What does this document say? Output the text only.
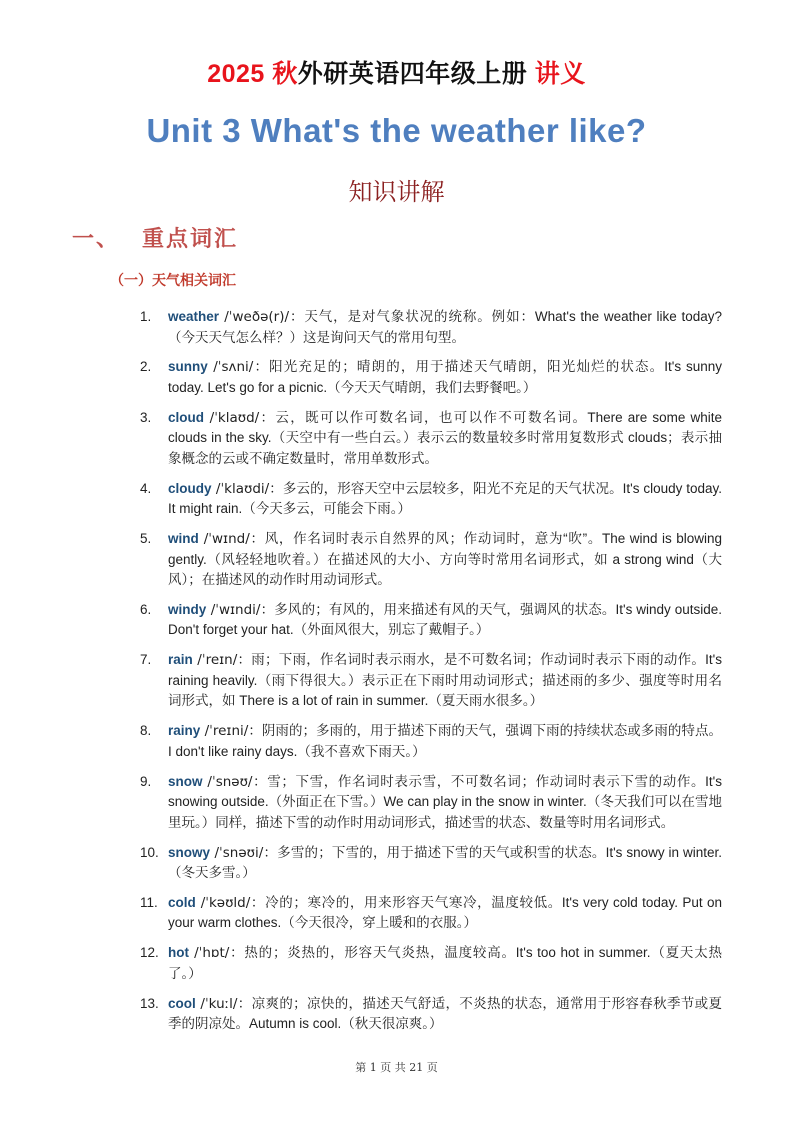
2025 秋外研英语四年级上册 讲义
Unit 3 What's the weather like?
知识讲解
一、 重点词汇
（一）天气相关词汇
1. weather /ˈweðə(r)/：天气，是对气象状况的统称。例如：What's the weather like today?（今天天气怎么样？）这是询问天气的常用句型。
2. sunny /ˈsʌni/：阳光充足的；晴朗的，用于描述天气晴朗，阳光灿烂的状态。It's sunny today. Let's go for a picnic.（今天天气晴朗，我们去野餐吧。）
3. cloud /ˈklaʊd/：云，既可以作可数名词，也可以作不可数名词。There are some white clouds in the sky.（天空中有一些白云。）表示云的数量较多时常用复数形式 clouds；表示抽象概念的云或不确定数量时，常用单数形式。
4. cloudy /ˈklaʊdi/：多云的，形容天空中云层较多，阳光不充足的天气状况。It's cloudy today. It might rain.（今天多云，可能会下雨。）
5. wind /ˈwɪnd/：风，作名词时表示自然界的风；作动词时，意为“吹”。The wind is blowing gently.（风轻轻地吹着。）在描述风的大小、方向等时常用名词形式，如 a strong wind（大风）；在描述风的动作时用动词形式。
6. windy /ˈwɪndi/：多风的；有风的，用来描述有风的天气，强调风的状态。It's windy outside. Don't forget your hat.（外面风很大，别忘了戴帽子。）
7. rain /ˈreɪn/：雨；下雨，作名词时表示雨水，是不可数名词；作动词时表示下雨的动作。It's raining heavily.（雨下得很大。）表示正在下雨时用动词形式；描述雨的多少、强度等时用名词形式，如 There is a lot of rain in summer.（夏天雨水很多。）
8. rainy /ˈreɪni/：阴雨的；多雨的，用于描述下雨的天气，强调下雨的持续状态或多雨的特点。I don't like rainy days.（我不喜欢下雨天。）
9. snow /ˈsnəʊ/：雪；下雪，作名词时表示雪，不可数名词；作动词时表示下雪的动作。It's snowing outside.（外面正在下雪。）We can play in the snow in winter.（冬天我们可以在雪地里玩。）同样，描述下雪的动作时用动词形式，描述雪的状态、数量等时用名词形式。
10. snowy /ˈsnəʊi/：多雪的；下雪的，用于描述下雪的天气或积雪的状态。It's snowy in winter.（冬天多雪。）
11. cold /ˈkəʊld/：冷的；寒冷的，用来形容天气寒冷，温度较低。It's very cold today. Put on your warm clothes.（今天很冷，穿上暖和的衣服。）
12. hot /ˈhɒt/：热的；炎热的，形容天气炎热，温度较高。It's too hot in summer.（夏天太热了。）
13. cool /ˈkuːl/：凉爽的；凉快的，描述天气舒适，不炎热的状态，通常用于形容春秋季节或夏季的阴凉处。Autumn is cool.（秋天很凉爽。）
第 1 页 共 21 页
